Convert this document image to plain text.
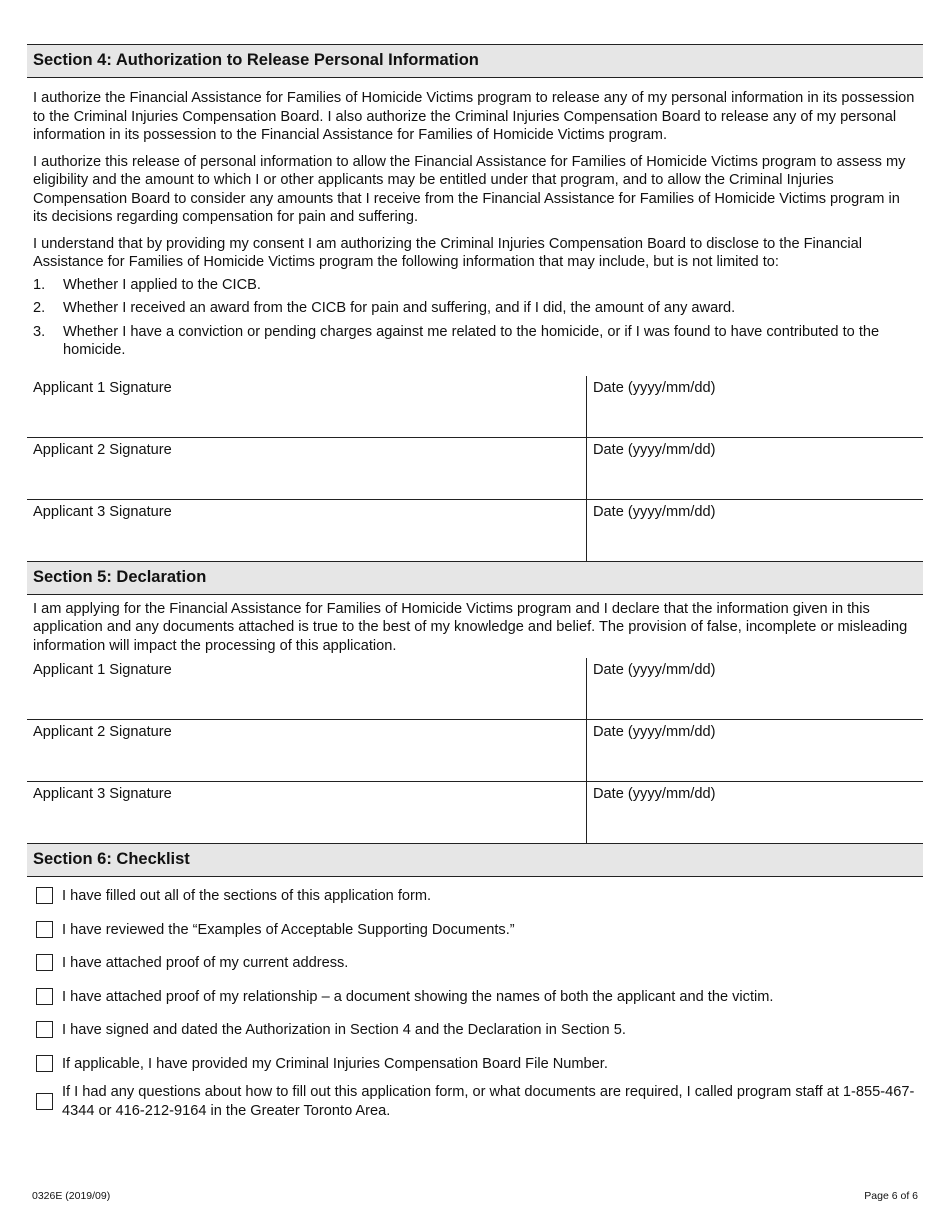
Section 4: Authorization to Release Personal Information

I authorize the Financial Assistance for Families of Homicide Victims program to release any of my personal information in its possession to the Criminal Injuries Compensation Board. I also authorize the Criminal Injuries Compensation Board to release any of my personal information in its possession to the Financial Assistance for Families of Homicide Victims program.

I authorize this release of personal information to allow the Financial Assistance for Families of Homicide Victims program to assess my eligibility and the amount to which I or other applicants may be entitled under that program, and to allow the Criminal Injuries Compensation Board to consider any amounts that I receive from the Financial Assistance for Families of Homicide Victims program in its decisions regarding compensation for pain and suffering.

I understand that by providing my consent I am authorizing the Criminal Injuries Compensation Board to disclose to the Financial Assistance for Families of Homicide Victims program the following information that may include, but is not limited to:

1.	Whether I applied to the CICB.
2.	Whether I received an award from the CICB for pain and suffering, and if I did, the amount of any award.
3.	Whether I have a conviction or pending charges against me related to the homicide, or if I was found to have contributed to the homicide.
Applicant 1 Signature	Date (yyyy/mm/dd)
Applicant 2 Signature	Date (yyyy/mm/dd)
Applicant 3 Signature	Date (yyyy/mm/dd)
Section 5: Declaration

I am applying for the Financial Assistance for Families of Homicide Victims program and I declare that the information given in this application and any documents attached is true to the best of my knowledge and belief. The provision of false, incomplete or misleading information will impact the processing of this application.

Applicant 1 Signature	Date (yyyy/mm/dd)
Applicant 2 Signature	Date (yyyy/mm/dd)
Applicant 3 Signature	Date (yyyy/mm/dd)
Section 6: Checklist
I have filled out all of the sections of this application form.
I have reviewed the “Examples of Acceptable Supporting Documents.”
I have attached proof of my current address.
I have attached proof of my relationship – a document showing the names of both the applicant and the victim.
I have signed and dated the Authorization in Section 4 and the Declaration in Section 5.
If applicable, I have provided my Criminal Injuries Compensation Board File Number.
If I had any questions about how to fill out this application form, or what documents are required, I called program staff at 1-855-467-4344 or 416-212-9164 in the Greater Toronto Area.
0326E (2019/09)	Page 6 of 6
